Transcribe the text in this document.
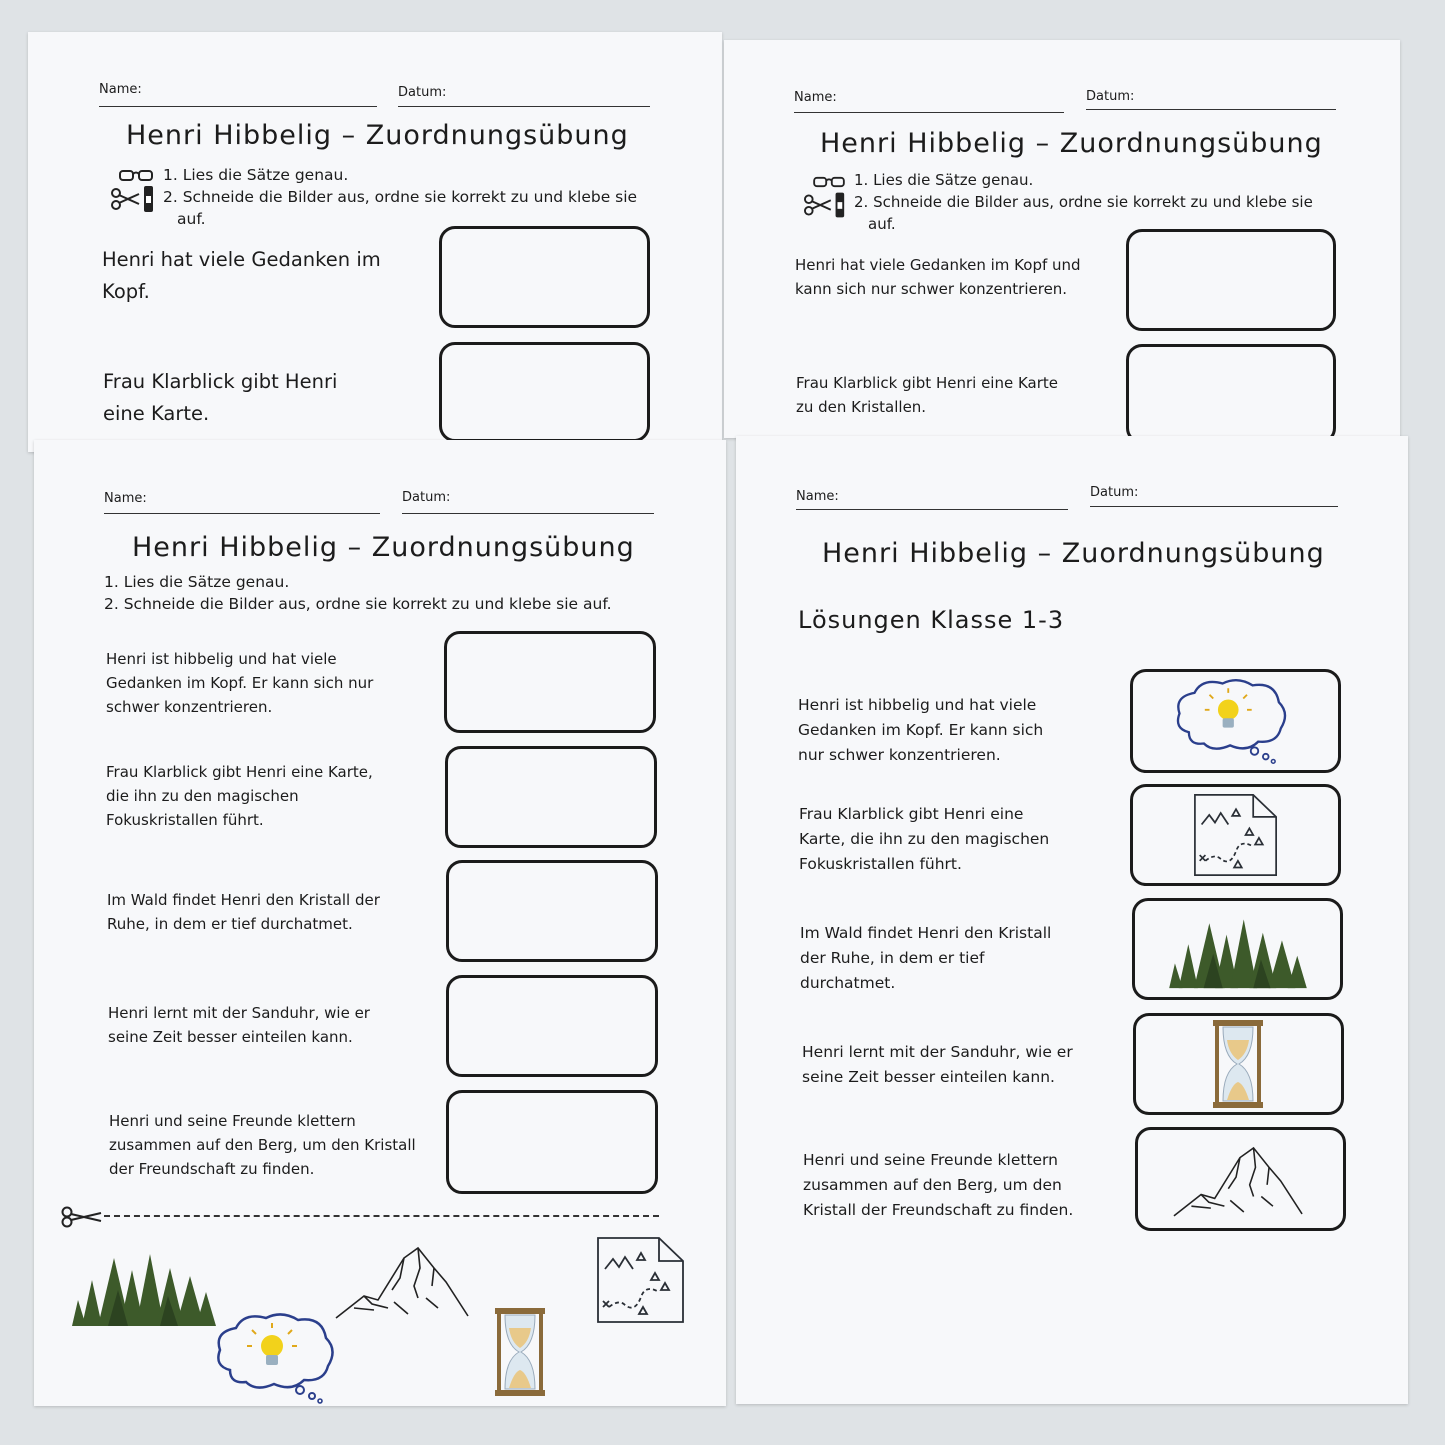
Name:	Datum:
Henri Hibbelig – Zuordnungsübung
1. Lies die Sätze genau.
2. Schneide die Bilder aus, ordne sie korrekt zu und klebe sie
auf.
Henri hat viele Gedanken im Kopf.
Frau Klarblick gibt Henri eine Karte.
Name:	Datum:
Henri Hibbelig – Zuordnungsübung
1. Lies die Sätze genau.
2. Schneide die Bilder aus, ordne sie korrekt zu und klebe sie
auf.
Henri hat viele Gedanken im Kopf und kann sich nur schwer konzentrieren.
Frau Klarblick gibt Henri eine Karte zu den Kristallen.
Name:	Datum:
Henri Hibbelig – Zuordnungsübung
1. Lies die Sätze genau.
2. Schneide die Bilder aus, ordne sie korrekt zu und klebe sie auf.
Henri ist hibbelig und hat viele Gedanken im Kopf. Er kann sich nur schwer konzentrieren.
Frau Klarblick gibt Henri eine Karte, die ihn zu den magischen Fokuskristallen führt.
Im Wald findet Henri den Kristall der Ruhe, in dem er tief durchatmet.
Henri lernt mit der Sanduhr, wie er seine Zeit besser einteilen kann.
Henri und seine Freunde klettern zusammen auf den Berg, um den Kristall der Freundschaft zu finden.
Name:	Datum:
Henri Hibbelig – Zuordnungsübung
Lösungen Klasse 1-3
Henri ist hibbelig und hat viele Gedanken im Kopf. Er kann sich nur schwer konzentrieren.
Frau Klarblick gibt Henri eine Karte, die ihn zu den magischen Fokuskristallen führt.
Im Wald findet Henri den Kristall der Ruhe, in dem er tief durchatmet.
Henri lernt mit der Sanduhr, wie er seine Zeit besser einteilen kann.
Henri und seine Freunde klettern zusammen auf den Berg, um den Kristall der Freundschaft zu finden.
